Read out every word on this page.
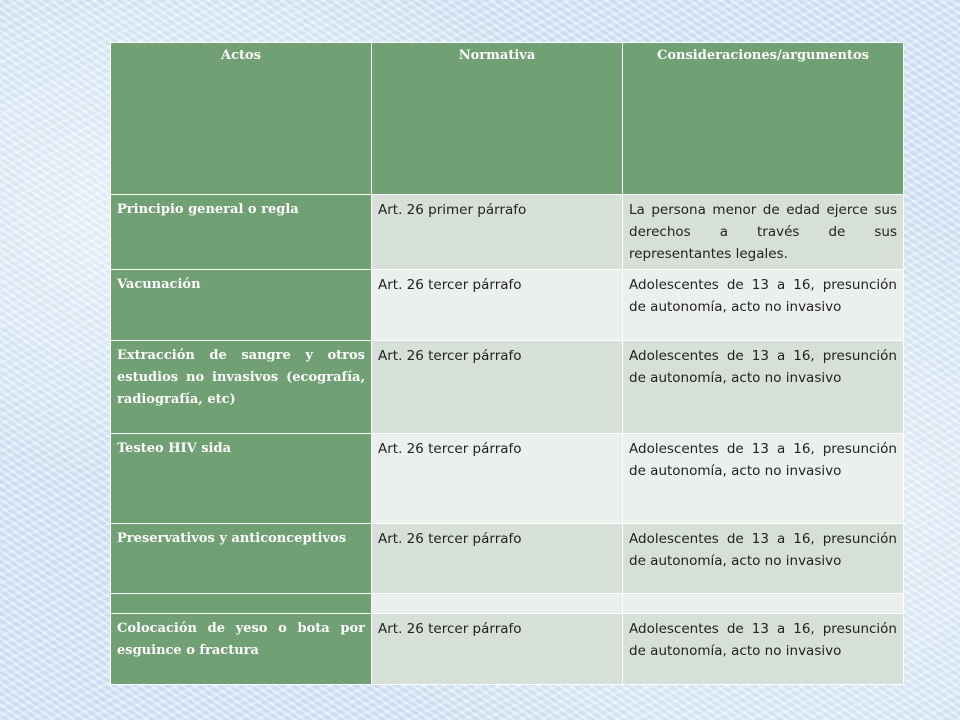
Actos	Normativa	Consideraciones/argumentos
Principio general o regla	Art. 26 primer párrafo	La persona menor de edad ejerce sus derechos a través de sus representantes legales.
Vacunación	Art. 26 tercer párrafo	Adolescentes de 13 a 16, presunción de autonomía, acto no invasivo
Extracción de sangre y otros estudios no invasivos (ecografía, radiografía, etc)	Art. 26 tercer párrafo	Adolescentes de 13 a 16, presunción de autonomía, acto no invasivo
Testeo HIV sida	Art. 26 tercer párrafo	Adolescentes de 13 a 16, presunción de autonomía, acto no invasivo
Preservativos y anticonceptivos	Art. 26 tercer párrafo	Adolescentes de 13 a 16, presunción de autonomía, acto no invasivo

Colocación de yeso o bota por esguince o fractura	Art. 26 tercer párrafo	Adolescentes de 13 a 16, presunción de autonomía, acto no invasivo
